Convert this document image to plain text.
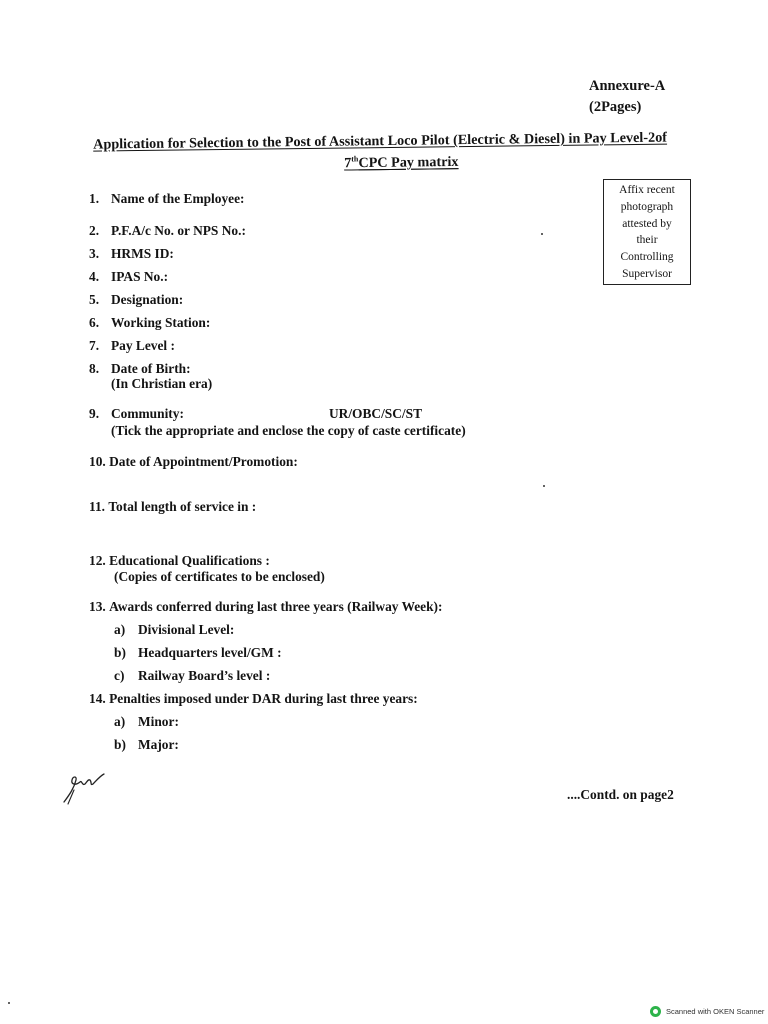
Annexure-A
(2Pages)
Application for Selection to the Post of Assistant Loco Pilot (Electric & Diesel) in Pay Level-2of
7thCPC Pay matrix
Affix recent
photograph
attested by
their
Controlling
Supervisor
1. Name of the Employee:
2. P.F.A/c No. or NPS No.:
3. HRMS ID:
4. IPAS No.:
5. Designation:
6. Working Station:
7. Pay Level :
8. Date of Birth:
(In Christian era)
9. Community:	UR/OBC/SC/ST
(Tick the appropriate and enclose the copy of caste certificate)
10. Date of Appointment/Promotion:
11. Total length of service in :
12. Educational Qualifications :
(Copies of certificates to be enclosed)
13. Awards conferred during last three years (Railway Week):
a) Divisional Level:
b) Headquarters level/GM :
c) Railway Board’s level :
14. Penalties imposed under DAR during last three years:
a) Minor:
b) Major:
....Contd. on page2
Scanned with OKEN Scanner
